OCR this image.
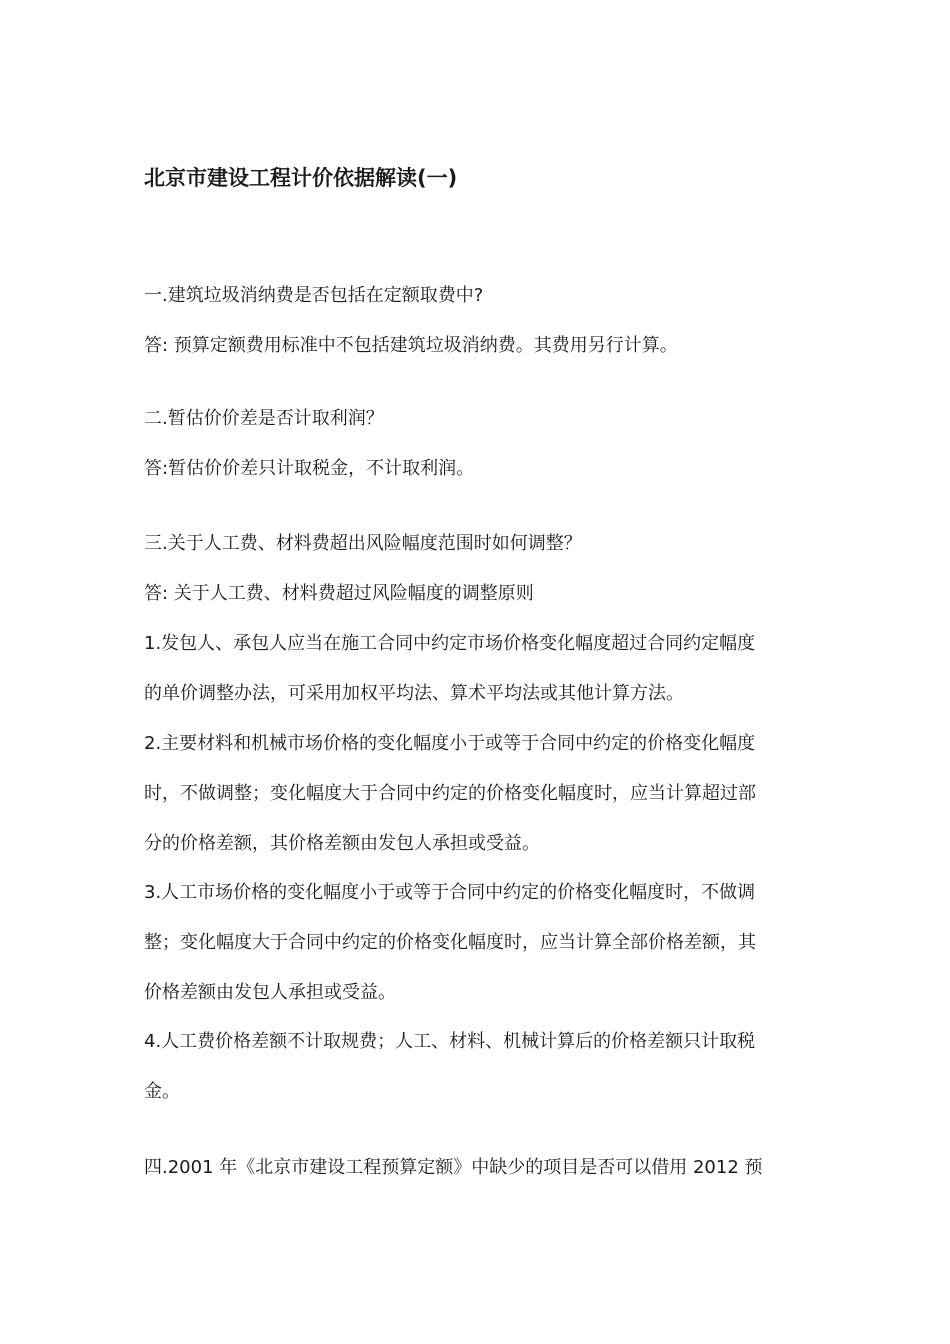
北京市建设工程计价依据解读(一)
一.建筑垃圾消纳费是否包括在定额取费中?
答: 预算定额费用标准中不包括建筑垃圾消纳费。其费用另行计算。
二.暂估价价差是否计取利润？
答:暂估价价差只计取税金，不计取利润。
三.关于人工费、材料费超出风险幅度范围时如何调整？
答: 关于人工费、材料费超过风险幅度的调整原则
1.发包人、承包人应当在施工合同中约定市场价格变化幅度超过合同约定幅度
的单价调整办法，可采用加权平均法、算术平均法或其他计算方法。
2.主要材料和机械市场价格的变化幅度小于或等于合同中约定的价格变化幅度
时，不做调整；变化幅度大于合同中约定的价格变化幅度时，应当计算超过部
分的价格差额，其价格差额由发包人承担或受益。
3.人工市场价格的变化幅度小于或等于合同中约定的价格变化幅度时，不做调
整；变化幅度大于合同中约定的价格变化幅度时，应当计算全部价格差额，其
价格差额由发包人承担或受益。
4.人工费价格差额不计取规费；人工、材料、机械计算后的价格差额只计取税
金。
四.2001 年《北京市建设工程预算定额》中缺少的项目是否可以借用 2012 预
